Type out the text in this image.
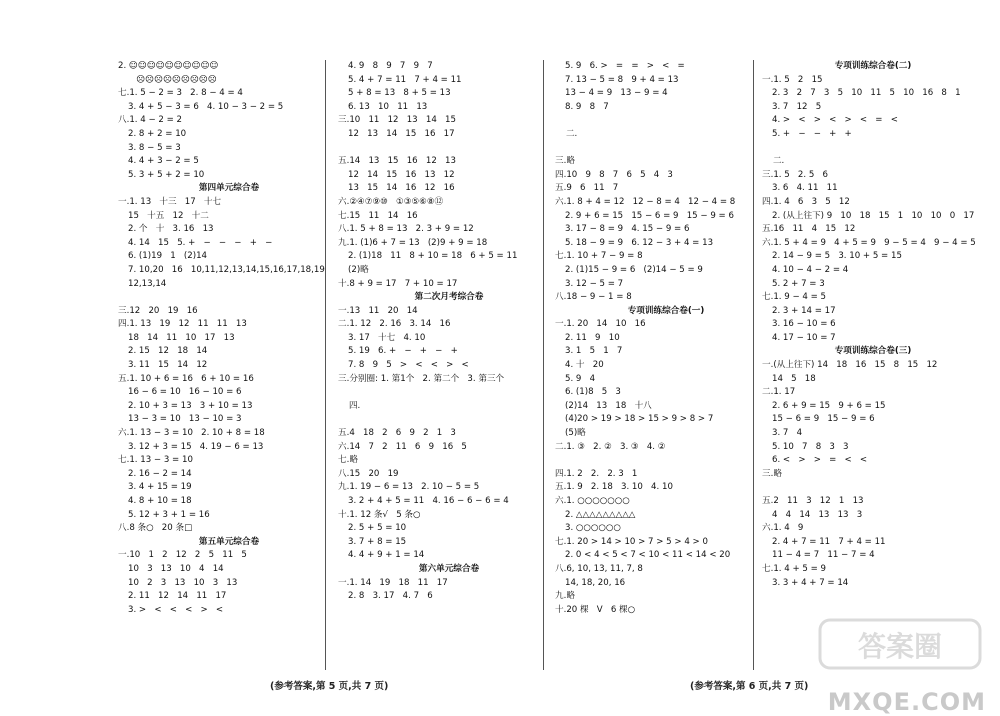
2. ☺☺☺☺☺☺☺☺☺☺
☹☹☹☹☹☹☹☹☹
七.1. 5 − 2 = 3   2. 8 − 4 = 4
3. 4 + 5 − 3 = 6   4. 10 − 3 − 2 = 5
八.1. 4 − 2 = 2
2. 8 + 2 = 10
3. 8 − 5 = 3
4. 4 + 3 − 2 = 5
5. 3 + 5 + 2 = 10
第四单元综合卷
一.1. 13   十三   17   十七
15   十五   12   十二
2. 个   十   3. 16   13
4. 14   15   5. +   −   −   −   +   −
6. (1)19   1   (2)14
7. 10,20   16   10,11,12,13,14,15,16,17,18,19
12,13,14

三.12   20   19   16
四.1. 13   19   12   11   11   13
18   14   11   10   17   13
2. 15   12   18   14
3. 11   15   14   12
五.1. 10 + 6 = 16   6 + 10 = 16
16 − 6 = 10   16 − 10 = 6
2. 10 + 3 = 13   3 + 10 = 13
13 − 3 = 10   13 − 10 = 3
六.1. 13 − 3 = 10   2. 10 + 8 = 18
3. 12 + 3 = 15   4. 19 − 6 = 13
七.1. 13 − 3 = 10
2. 16 − 2 = 14
3. 4 + 15 = 19
4. 8 + 10 = 18
5. 12 + 3 + 1 = 16
八.8 条○   20 条□
第五单元综合卷
一.10   1   2   12   2   5   11   5
10   3   13   10   4   14
10   2   3   13   10   3   13
2. 11   12   14   11   17
3. >   <   <   <   >   <
4. 9   8   9   7   9   7
5. 4 + 7 = 11   7 + 4 = 11
5 + 8 = 13   8 + 5 = 13
6. 13   10   11   13
三.10   11   12   13   14   15
12   13   14   15   16   17

五.14   13   15   16   12   13
12   14   15   16   13   12
13   15   14   16   12   16
六.②④⑦⑨⑩   ①③⑤⑥⑧⑫
七.15   11   14   16
八.1. 5 + 8 = 13   2. 3 + 9 = 12
九.1. (1)6 + 7 = 13   (2)9 + 9 = 18
2. (1)18   11   8 + 10 = 18   6 + 5 = 11
(2)略
十.8 + 9 = 17   7 + 10 = 17
第二次月考综合卷
一.13   11   20   14
二.1. 12   2. 16   3. 14   16
3. 17   十七   4. 10
5. 19   6. +   −   +   −   +
7. 8   9   5   >   <   <   >   <
三.分别圈: 1. 第1个   2. 第二个   3. 第三个

四.

五.4   18   2   6   9   2   1   3
六.14   7   2   11   6   9   16   5
七.略
八.15   20   19
九.1. 19 − 6 = 13   2. 10 − 5 = 5
3. 2 + 4 + 5 = 11   4. 16 − 6 − 6 = 4
十.1. 12 条√   5 条○
2. 5 + 5 = 10
3. 7 + 8 = 15
4. 4 + 9 + 1 = 14
第六单元综合卷
一.1. 14   19   18   11   17
2. 8   3. 17   4. 7   6
5. 9   6. >   =   =   >   <   =
7. 13 − 5 = 8   9 + 4 = 13
13 − 4 = 9   13 − 9 = 4
8. 9   8   7

二.

三.略
四.10   9   8   7   6   5   4   3
五.9   6   11   7
六.1. 8 + 4 = 12   12 − 8 = 4   12 − 4 = 8
2. 9 + 6 = 15   15 − 6 = 9   15 − 9 = 6
3. 17 − 8 = 9   4. 15 − 9 = 6
5. 18 − 9 = 9   6. 12 − 3 + 4 = 13
七.1. 10 + 7 − 9 = 8
2. (1)15 − 9 = 6   (2)14 − 5 = 9
3. 12 − 5 = 7
八.18 − 9 − 1 = 8
专项训练综合卷(一)
一.1. 20   14   10   16
2. 11   9   10
3. 1   5   1   7
4. 十   20
5. 9   4
6. (1)8   5   3
(2)14   13   18   十八
(4)20 > 19 > 18 > 15 > 9 > 8 > 7
(5)略
二.1. ③   2. ②   3. ③   4. ②

四.1. 2   2.   2. 3   1
五.1. 9   2. 18   3. 10   4. 10
六.1. ○○○○○○○
2. △△△△△△△△△
3. ○○○○○○
七.1. 20 > 14 > 10 > 7 > 5 > 4 > 0
2. 0 < 4 < 5 < 7 < 10 < 11 < 14 < 20
八.6, 10, 13, 11, 7, 8
14, 18, 20, 16
九.略
十.20 棵   V   6 棵○
专项训练综合卷(二)
一.1. 5   2   15
2. 3   2   7   3   5   10   11   5   10   16   8   1
3. 7   12   5
4. >   <   >   <   >   <   =   <
5. +   −   −   +   +

二.

三.1. 5   2. 5   6
3. 6   4. 11   11
四.1. 4   6   3   5   12
2. (从上往下) 9   10   18   15   1   10   10   0   17
五.16   11   4   15   12
六.1. 5 + 4 = 9   4 + 5 = 9   9 − 5 = 4   9 − 4 = 5
2. 14 − 9 = 5   3. 10 + 5 = 15
4. 10 − 4 − 2 = 4
5. 2 + 7 = 3
七.1. 9 − 4 = 5
2. 3 + 14 = 17
3. 16 − 10 = 6
4. 17 − 10 = 7
专项训练综合卷(三)
一.(从上往下) 14   18   16   15   8   15   12
14   5   18
二.1. 17
2. 6 + 9 = 15   9 + 6 = 15
15 − 6 = 9   15 − 9 = 6
3. 7   4
5. 10   7   8   3   3
6. <   >   >   =   <   <
三.略

五.2   11   3   12   1   13
4   4   14   13   13   3
六.1. 4   9
2. 4 + 7 = 11   7 + 4 = 11
11 − 4 = 7   11 − 7 = 4
七.1. 4 + 5 = 9
3. 3 + 4 + 7 = 14
(参考答案,第 5 页,共 7 页)	(参考答案,第 6 页,共 7 页)
答案圈
MXQE.COM
